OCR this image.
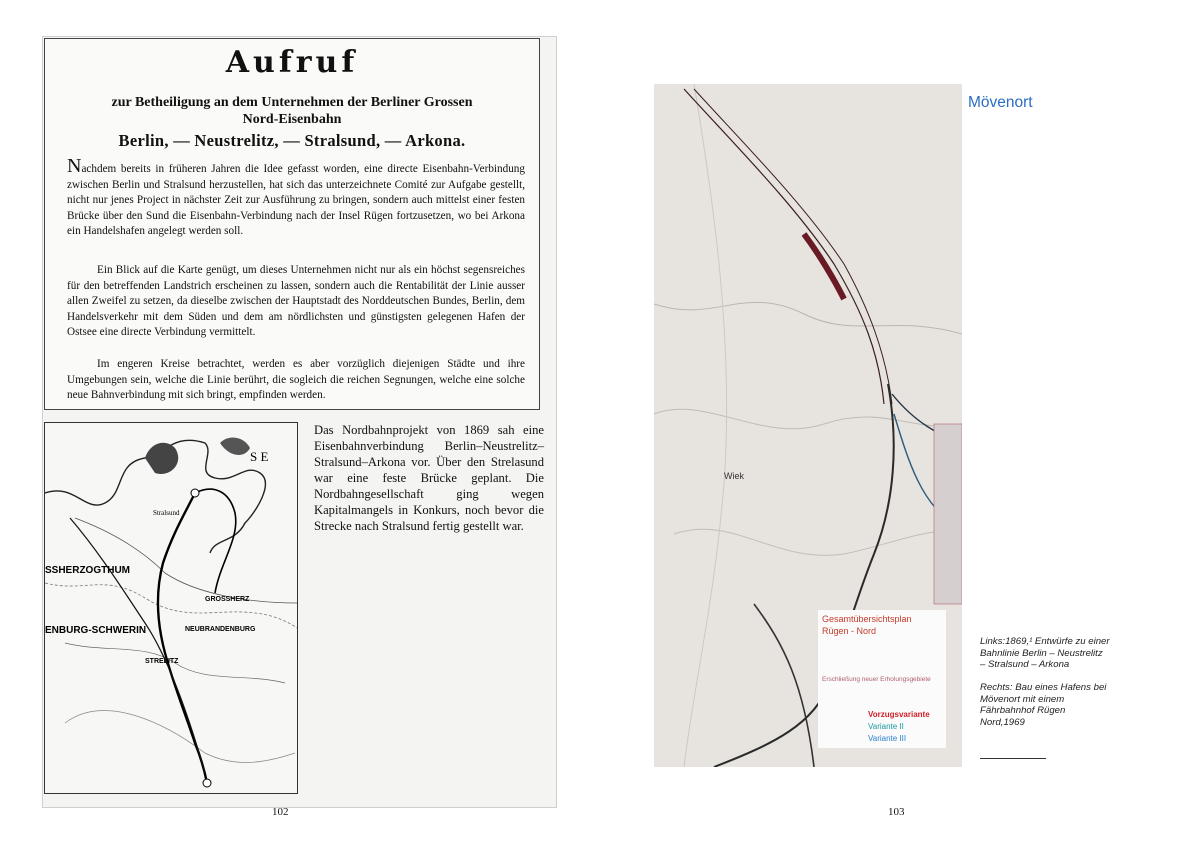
Aufruf
zur Betheiligung an dem Unternehmen der Berliner Grossen
Nord-Eisenbahn
Berlin, — Neustrelitz, — Stralsund, — Arkona.
Nachdem bereits in früheren Jahren die Idee gefasst worden, eine directe Eisenbahn-Verbindung zwischen Berlin und Stralsund herzustellen, hat sich das unterzeichnete Comité zur Aufgabe gestellt, nicht nur jenes Project in nächster Zeit zur Ausführung zu bringen, sondern auch mittelst einer festen Brücke über den Sund die Eisenbahn-Verbindung nach der Insel Rügen fortzusetzen, wo bei Arkona ein Handelshafen angelegt werden soll.
Ein Blick auf die Karte genügt, um dieses Unternehmen nicht nur als ein höchst segensreiches für den betreffenden Landstrich erscheinen zu lassen, sondern auch die Rentabilität der Linie ausser allen Zweifel zu setzen, da dieselbe zwischen der Hauptstadt des Norddeutschen Bundes, Berlin, dem Handelsverkehr mit dem Süden und dem am nördlichsten und günstigsten gelegenen Hafen der Ostsee eine directe Verbindung vermittelt.
Im engeren Kreise betrachtet, werden es aber vorzüglich diejenigen Städte und ihre Umgebungen sein, welche die Linie berührt, die sogleich die reichen Segnungen, welche eine solche neue Bahnverbindung mit sich bringt, empfinden werden.
S E
Stralsund
SSHERZOGTHUM
ENBURG-SCHWERIN
GROSSHERZ
NEUBRANDENBURG
STRELITZ
Das Nordbahnprojekt von 1869 sah eine Eisenbahnverbindung Berlin–Neustrelitz–Stralsund–Arkona vor. Über den Strelasund war eine feste Brücke geplant. Die Nordbahngesellschaft ging wegen Kapitalmangels in Konkurs, noch bevor die Strecke nach Stralsund fertig gestellt war.
102
Wiek
Gesamtübersichtsplan
Rügen - Nord
Erschließung neuer Erholungsgebiete
Vorzugsvariante
Variante II
Variante III
Mövenort
Links:1869,¹ Entwürfe zu einer Bahnlinie Berlin – Neustrelitz – Stralsund – Arkona

Rechts: Bau eines Hafens bei Mövenort mit einem Fährbahnhof Rügen Nord,1969
103
